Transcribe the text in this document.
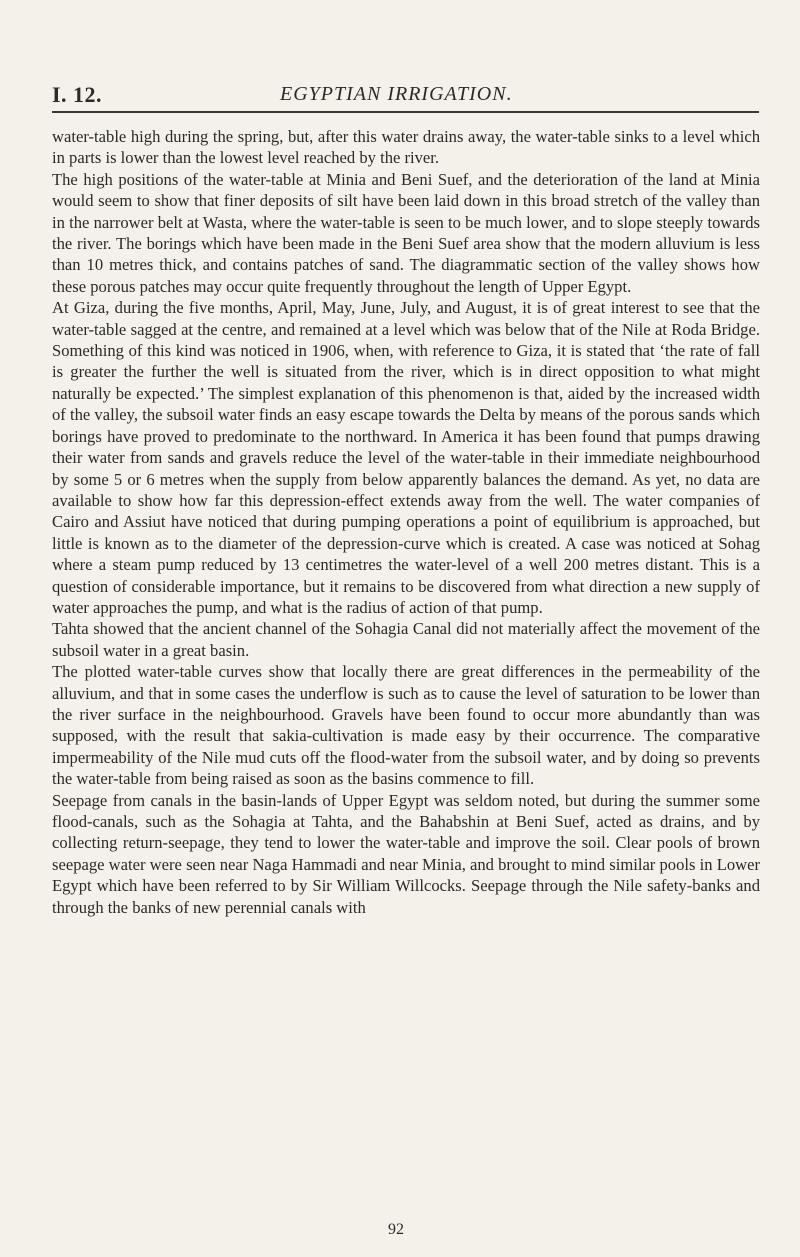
I. 12.	EGYPTIAN IRRIGATION.

water-table high during the spring, but, after this water drains away, the water-table sinks to a level which in parts is lower than the lowest level reached by the river.

The high positions of the water-table at Minia and Beni Suef, and the deterioration of the land at Minia would seem to show that finer deposits of silt have been laid down in this broad stretch of the valley than in the narrower belt at Wasta, where the water-table is seen to be much lower, and to slope steeply towards the river. The borings which have been made in the Beni Suef area show that the modern alluvium is less than 10 metres thick, and contains patches of sand. The diagrammatic section of the valley shows how these porous patches may occur quite frequently throughout the length of Upper Egypt.

At Giza, during the five months, April, May, June, July, and August, it is of great interest to see that the water-table sagged at the centre, and remained at a level which was below that of the Nile at Roda Bridge. Something of this kind was noticed in 1906, when, with reference to Giza, it is stated that ‘the rate of fall is greater the further the well is situated from the river, which is in direct opposition to what might naturally be expected.’ The simplest explanation of this phenomenon is that, aided by the increased width of the valley, the subsoil water finds an easy escape towards the Delta by means of the porous sands which borings have proved to predominate to the northward. In America it has been found that pumps drawing their water from sands and gravels reduce the level of the water-table in their immediate neighbourhood by some 5 or 6 metres when the supply from below apparently balances the demand. As yet, no data are available to show how far this depression-effect extends away from the well. The water companies of Cairo and Assiut have noticed that during pumping operations a point of equilibrium is approached, but little is known as to the diameter of the depression-curve which is created. A case was noticed at Sohag where a steam pump reduced by 13 centimetres the water-level of a well 200 metres distant. This is a question of considerable importance, but it remains to be discovered from what direction a new supply of water approaches the pump, and what is the radius of action of that pump.

Tahta showed that the ancient channel of the Sohagia Canal did not materially affect the movement of the subsoil water in a great basin.

The plotted water-table curves show that locally there are great differences in the permeability of the alluvium, and that in some cases the underflow is such as to cause the level of saturation to be lower than the river surface in the neighbourhood. Gravels have been found to occur more abundantly than was supposed, with the result that sakia-cultivation is made easy by their occurrence. The comparative impermeability of the Nile mud cuts off the flood-water from the subsoil water, and by doing so prevents the water-table from being raised as soon as the basins commence to fill.

Seepage from canals in the basin-lands of Upper Egypt was seldom noted, but during the summer some flood-canals, such as the Sohagia at Tahta, and the Bahabshin at Beni Suef, acted as drains, and by collecting return-seepage, they tend to lower the water-table and improve the soil. Clear pools of brown seepage water were seen near Naga Hammadi and near Minia, and brought to mind similar pools in Lower Egypt which have been referred to by Sir William Willcocks. Seepage through the Nile safety-banks and through the banks of new perennial canals with

92
